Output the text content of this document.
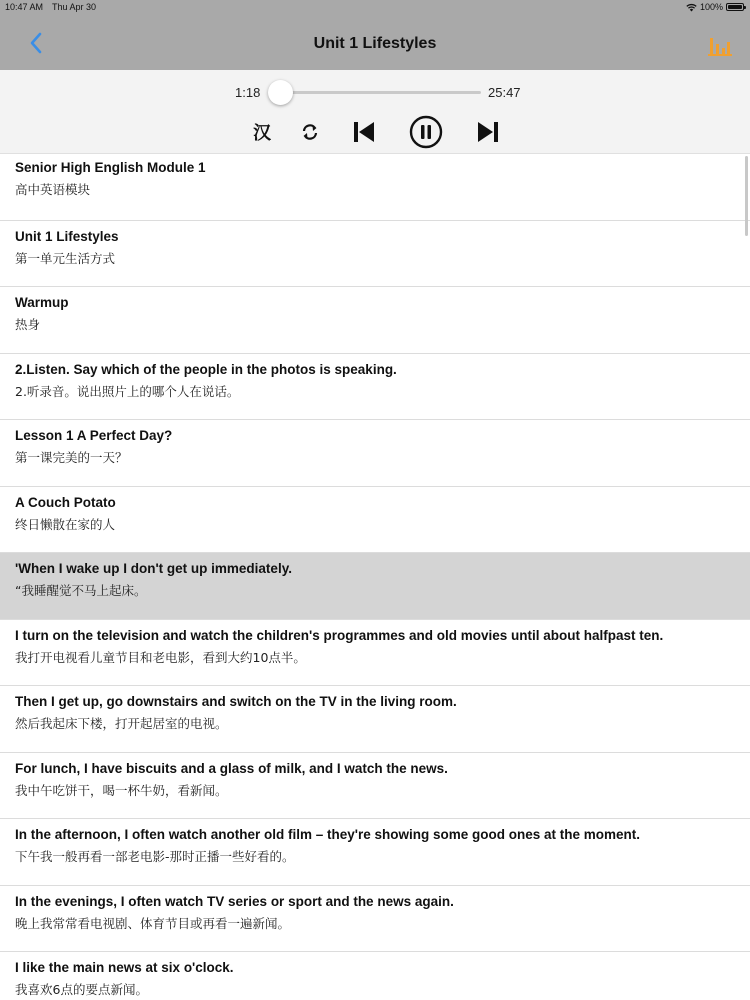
10:47 AM Thu Apr 30	100%
Unit 1 Lifestyles
1:18	25:47
汉
Senior High English Module 1
高中英语模块
Unit 1 Lifestyles
第一单元生活方式
Warmup
热身
2.Listen. Say which of the people in the photos is speaking.
2.听录音。说出照片上的哪个人在说话。
Lesson 1 A Perfect Day?
第一课完美的一天？
A Couch Potato
终日懒散在家的人
'When I wake up I don't get up immediately.
“我睡醒觉不马上起床。
I turn on the television and watch the children's programmes and old movies until about halfpast ten.
我打开电视看儿童节目和老电影，看到大约10点半。
Then I get up, go downstairs and switch on the TV in the living room.
然后我起床下楼，打开起居室的电视。
For lunch, I have biscuits and a glass of milk, and I watch the news.
我中午吃饼干，喝一杯牛奶，看新闻。
In the afternoon, I often watch another old film – they're showing some good ones at the moment.
下午我一般再看一部老电影-那时正播一些好看的。
In the evenings, I often watch TV series or sport and the news again.
晚上我常常看电视剧、体育节目或再看一遍新闻。
I like the main news at six o'clock.
我喜欢6点的要点新闻。
